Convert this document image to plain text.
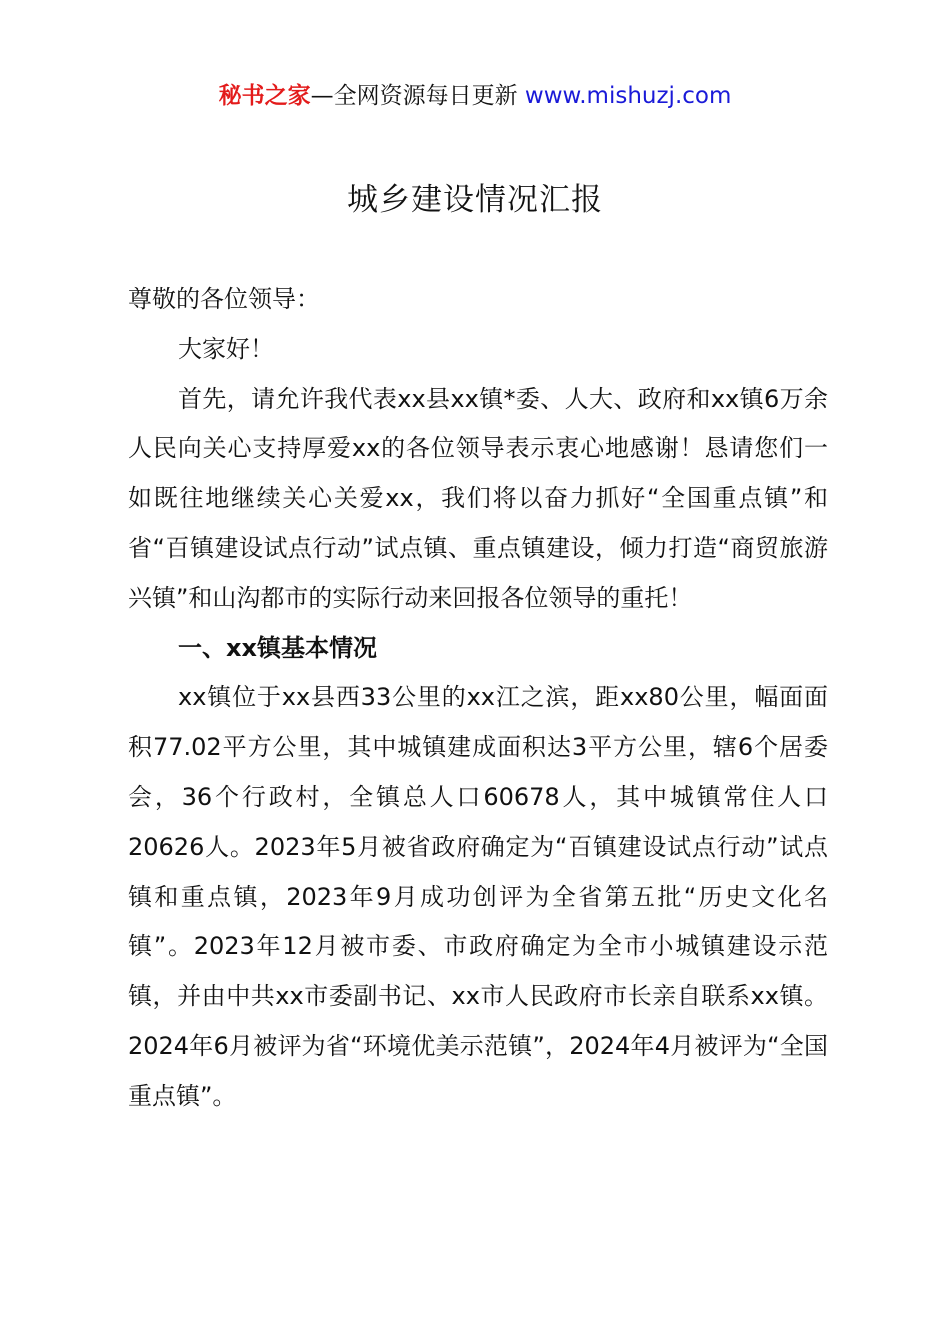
秘书之家—全网资源每日更新 www.mishuzj.com
城乡建设情况汇报

尊敬的各位领导：

大家好！

首先，请允许我代表xx县xx镇*委、人大、政府和xx镇6万余人民向关心支持厚爱xx的各位领导表示衷心地感谢！恳请您们一如既往地继续关心关爱xx，我们将以奋力抓好“全国重点镇”和省“百镇建设试点行动”试点镇、重点镇建设，倾力打造“商贸旅游兴镇”和山沟都市的实际行动来回报各位领导的重托！

一、xx镇基本情况

xx镇位于xx县西33公里的xx江之滨，距xx80公里，幅面面积77.02平方公里，其中城镇建成面积达3平方公里，辖6个居委会，36个行政村，全镇总人口60678人，其中城镇常住人口20626人。2023年5月被省政府确定为“百镇建设试点行动”试点镇和重点镇，2023年9月成功创评为全省第五批“历史文化名镇”。2023年12月被市委、市政府确定为全市小城镇建设示范镇，并由中共xx市委副书记、xx市人民政府市长亲自联系xx镇。2024年6月被评为省“环境优美示范镇”，2024年4月被评为“全国重点镇”。
